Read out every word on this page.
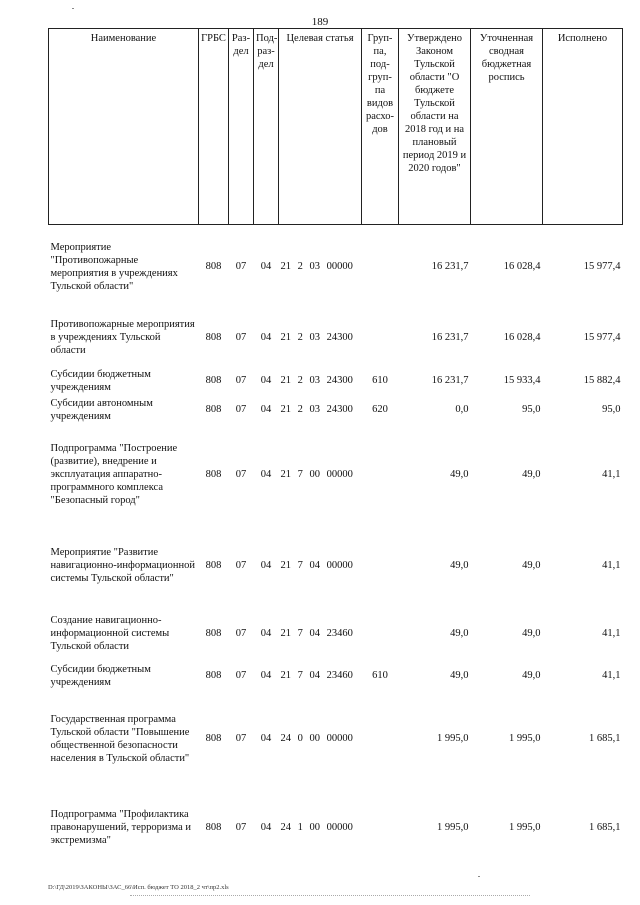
189
Наименование	ГРБС	Раз-дел	Под-раз-дел	Целевая статья	Груп-па, под-груп-па видов расхо-дов	Утверждено Законом Тульской области "О бюджете Тульской области на 2018 год и на плановый период 2019 и 2020 годов"	Уточненная сводная бюджетная роспись	Исполнено
Мероприятие "Противопожарные мероприятия в учреждениях Тульской области"	808	07	04	21 2 03 00000		16 231,7	16 028,4	15 977,4
Противопожарные мероприятия в учреждениях Тульской области	808	07	04	21 2 03 24300		16 231,7	16 028,4	15 977,4
Субсидии бюджетным учреждениям	808	07	04	21 2 03 24300	610	16 231,7	15 933,4	15 882,4
Субсидии автономным учреждениям	808	07	04	21 2 03 24300	620	0,0	95,0	95,0
Подпрограмма "Построение (развитие), внедрение и эксплуатация аппаратно-программного комплекса "Безопасный город"	808	07	04	21 7 00 00000		49,0	49,0	41,1
Мероприятие "Развитие навигационно-информационной системы Тульской области"	808	07	04	21 7 04 00000		49,0	49,0	41,1
Создание навигационно-информационной системы Тульской области	808	07	04	21 7 04 23460		49,0	49,0	41,1
Субсидии бюджетным учреждениям	808	07	04	21 7 04 23460	610	49,0	49,0	41,1
Государственная программа Тульской области "Повышение общественной безопасности населения в Тульской области"	808	07	04	24 0 00 00000		1 995,0	1 995,0	1 685,1
Подпрограмма "Профилактика правонарушений, терроризма и экстремизма"	808	07	04	24 1 00 00000		1 995,0	1 995,0	1 685,1
D:\ГД\2019\ЗАКОНЫ\ЗАС_66\Исп. бюджет ТО 2018_2 чт\пр2.xls
